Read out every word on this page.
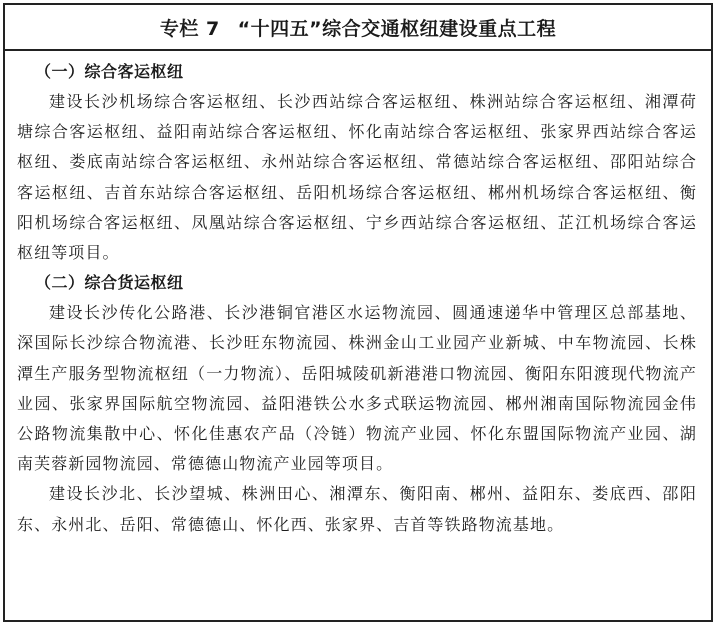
专栏 7 “十四五”综合交通枢纽建设重点工程
（一）综合客运枢纽

建设长沙机场综合客运枢纽、长沙西站综合客运枢纽、株洲站综合客运枢纽、湘潭荷塘综合客运枢纽、益阳南站综合客运枢纽、怀化南站综合客运枢纽、张家界西站综合客运枢纽、娄底南站综合客运枢纽、永州站综合客运枢纽、常德站综合客运枢纽、邵阳站综合客运枢纽、吉首东站综合客运枢纽、岳阳机场综合客运枢纽、郴州机场综合客运枢纽、衡阳机场综合客运枢纽、凤凰站综合客运枢纽、宁乡西站综合客运枢纽、芷江机场综合客运枢纽等项目。

（二）综合货运枢纽

建设长沙传化公路港、长沙港铜官港区水运物流园、圆通速递华中管理区总部基地、深国际长沙综合物流港、长沙旺东物流园、株洲金山工业园产业新城、中车物流园、长株潭生产服务型物流枢纽（一力物流）、岳阳城陵矶新港港口物流园、衡阳东阳渡现代物流产业园、张家界国际航空物流园、益阳港铁公水多式联运物流园、郴州湘南国际物流园金伟公路物流集散中心、怀化佳惠农产品（冷链）物流产业园、怀化东盟国际物流产业园、湖南芙蓉新园物流园、常德德山物流产业园等项目。

建设长沙北、长沙望城、株洲田心、湘潭东、衡阳南、郴州、益阳东、娄底西、邵阳东、永州北、岳阳、常德德山、怀化西、张家界、吉首等铁路物流基地。
